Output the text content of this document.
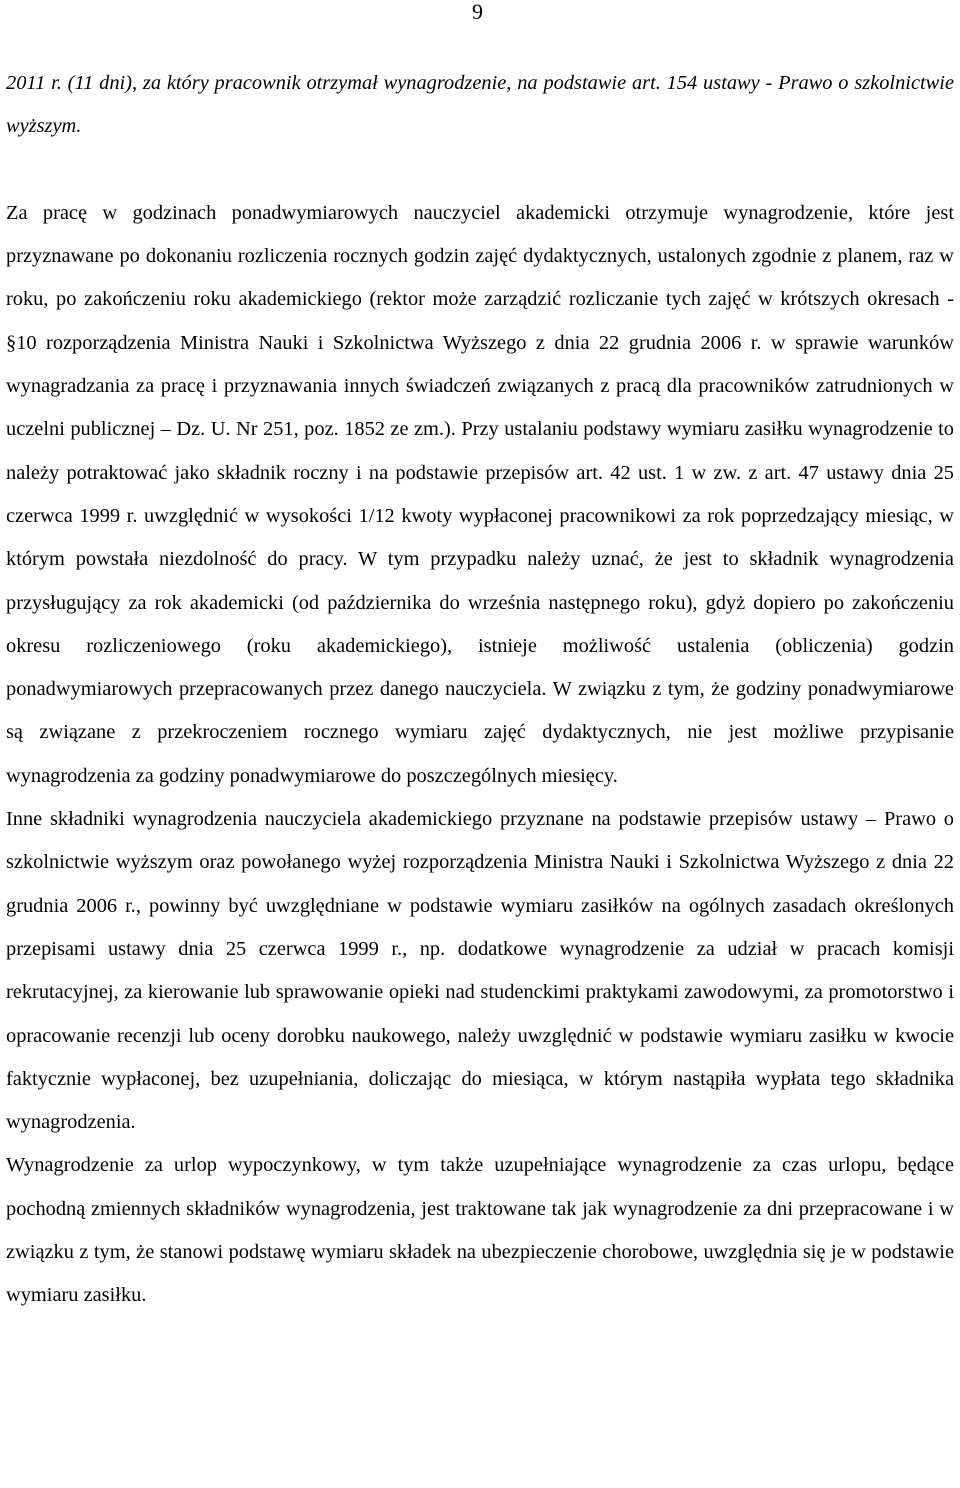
9

2011 r. (11 dni), za który pracownik otrzymał wynagrodzenie, na podstawie art. 154 ustawy - Prawo o szkolnictwie wyższym.

Za pracę w godzinach ponadwymiarowych nauczyciel akademicki otrzymuje wynagrodzenie, które jest przyznawane po dokonaniu rozliczenia rocznych godzin zajęć dydaktycznych, ustalonych zgodnie z planem, raz w roku, po zakończeniu roku akademickiego (rektor może zarządzić rozliczanie tych zajęć w krótszych okresach - §10 rozporządzenia Ministra Nauki i Szkolnictwa Wyższego z dnia 22 grudnia 2006 r. w sprawie warunków wynagradzania za pracę i przyznawania innych świadczeń związanych z pracą dla pracowników zatrudnionych w uczelni publicznej – Dz. U. Nr 251, poz. 1852 ze zm.). Przy ustalaniu podstawy wymiaru zasiłku wynagrodzenie to należy potraktować jako składnik roczny i na podstawie przepisów art. 42 ust. 1 w zw. z art. 47 ustawy dnia 25 czerwca 1999 r. uwzględnić w wysokości 1/12 kwoty wypłaconej pracownikowi za rok poprzedzający miesiąc, w którym powstała niezdolność do pracy. W tym przypadku należy uznać, że jest to składnik wynagrodzenia przysługujący za rok akademicki (od października do września następnego roku), gdyż dopiero po zakończeniu okresu rozliczeniowego (roku akademickiego), istnieje możliwość ustalenia (obliczenia) godzin ponadwymiarowych przepracowanych przez danego nauczyciela. W związku z tym, że godziny ponadwymiarowe są związane z przekroczeniem rocznego wymiaru zajęć dydaktycznych, nie jest możliwe przypisanie wynagrodzenia za godziny ponadwymiarowe do poszczególnych miesięcy.

Inne składniki wynagrodzenia nauczyciela akademickiego przyznane na podstawie przepisów ustawy – Prawo o szkolnictwie wyższym oraz powołanego wyżej rozporządzenia Ministra Nauki i Szkolnictwa Wyższego z dnia 22 grudnia 2006 r., powinny być uwzględniane w podstawie wymiaru zasiłków na ogólnych zasadach określonych przepisami ustawy dnia 25 czerwca 1999 r., np. dodatkowe wynagrodzenie za udział w pracach komisji rekrutacyjnej, za kierowanie lub sprawowanie opieki nad studenckimi praktykami zawodowymi, za promotorstwo i opracowanie recenzji lub oceny dorobku naukowego, należy uwzględnić w podstawie wymiaru zasiłku w kwocie faktycznie wypłaconej, bez uzupełniania, doliczając do miesiąca, w którym nastąpiła wypłata tego składnika wynagrodzenia.

Wynagrodzenie za urlop wypoczynkowy, w tym także uzupełniające wynagrodzenie za czas urlopu, będące pochodną zmiennych składników wynagrodzenia, jest traktowane tak jak wynagrodzenie za dni przepracowane i w związku z tym, że stanowi podstawę wymiaru składek na ubezpieczenie chorobowe, uwzględnia się je w podstawie wymiaru zasiłku.
